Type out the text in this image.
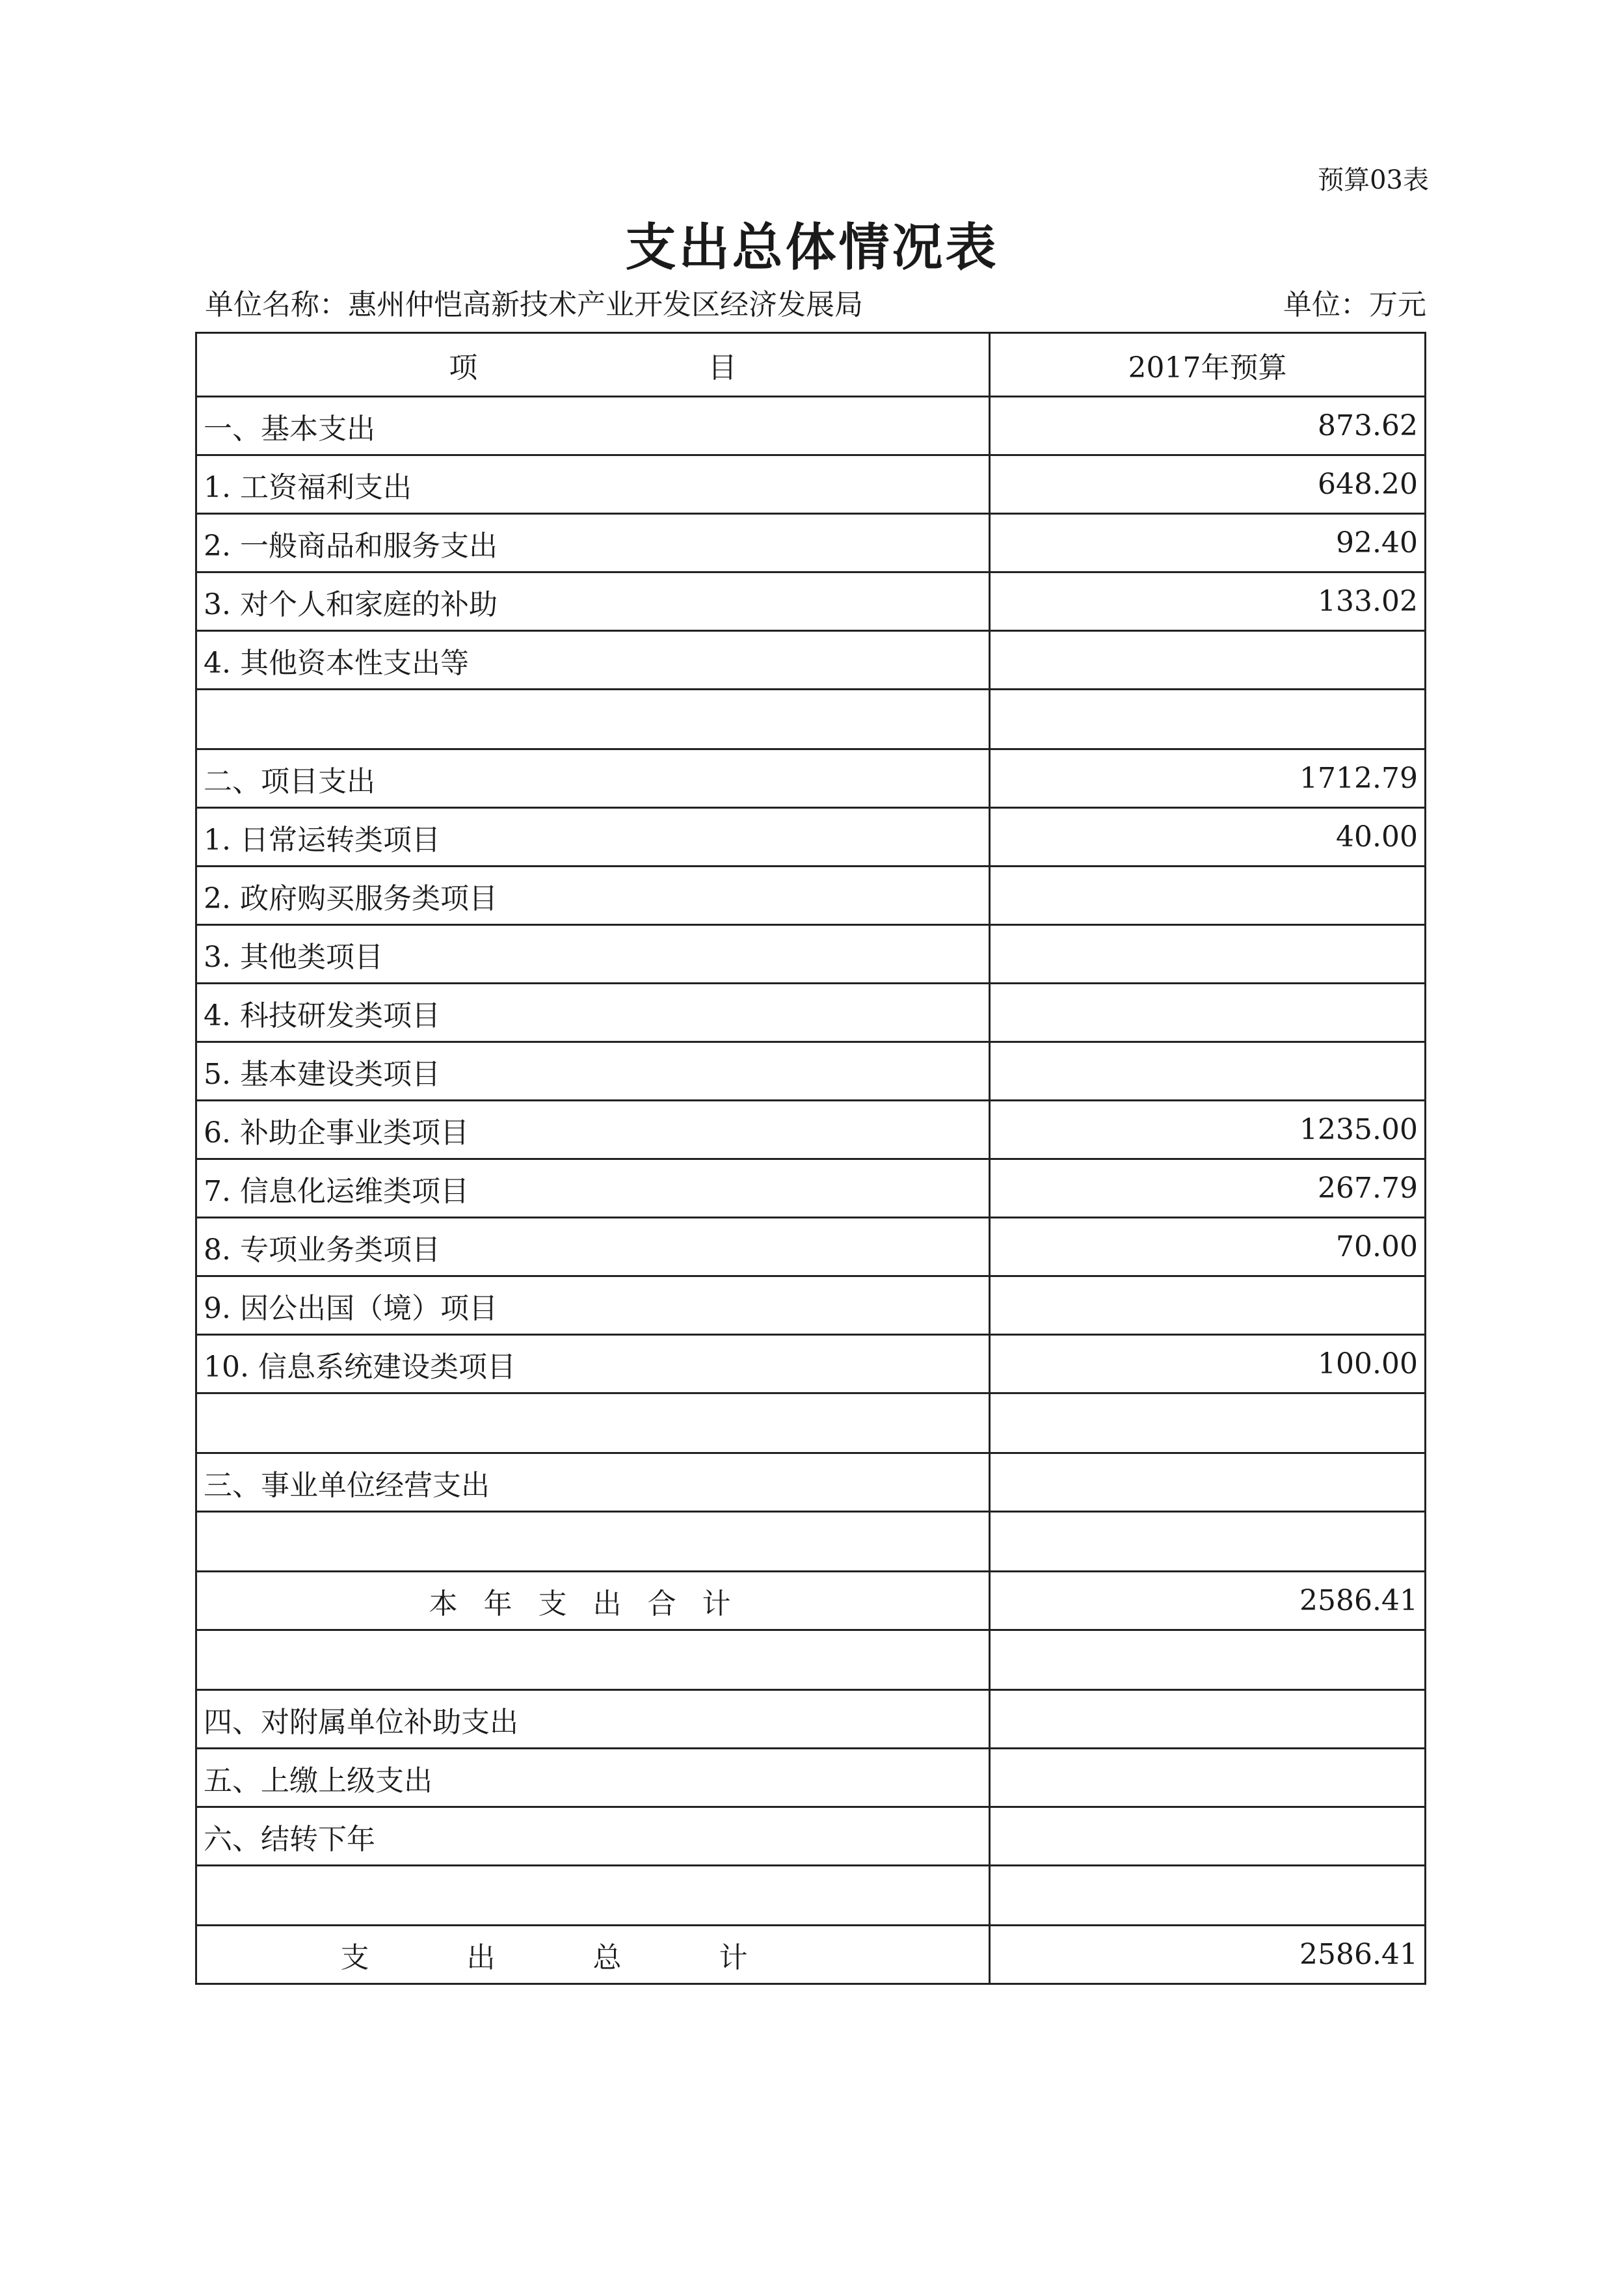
预算03表
支出总体情况表
单位名称：惠州仲恺高新技术产业开发区经济发展局	单位：万元
项 目	2017年预算
一、基本支出	873.62
1. 工资福利支出	648.20
2. 一般商品和服务支出	92.40
3. 对个人和家庭的补助	133.02
4. 其他资本性支出等	

二、项目支出	1712.79
1. 日常运转类项目	40.00
2. 政府购买服务类项目	
3. 其他类项目	
4. 科技研发类项目	
5. 基本建设类项目	
6. 补助企事业类项目	1235.00
7. 信息化运维类项目	267.79
8. 专项业务类项目	70.00
9. 因公出国（境）项目	
10. 信息系统建设类项目	100.00

三、事业单位经营支出	

本年支出合计	2586.41

四、对附属单位补助支出	
五、上缴上级支出	
六、结转下年	

支出总计	2586.41
